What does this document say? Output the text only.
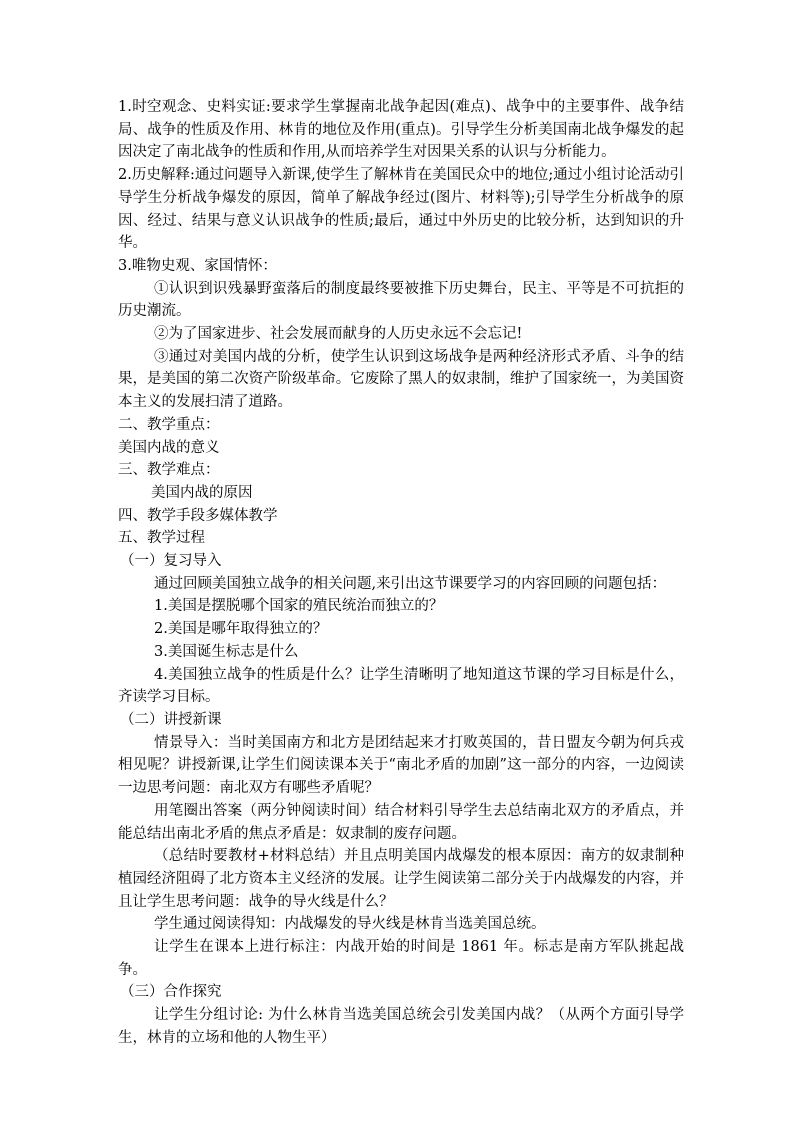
1.时空观念、史料实证:要求学生掌握南北战争起因(难点)、战争中的主要事件、战争结局、战争的性质及作用、林肯的地位及作用(重点)。引导学生分析美国南北战争爆发的起因决定了南北战争的性质和作用,从而培养学生对因果关系的认识与分析能力。

2.历史解释:通过问题导入新课,使学生了解林肯在美国民众中的地位;通过小组讨论活动引导学生分析战争爆发的原因，简单了解战争经过(图片、材料等);引导学生分析战争的原因、经过、结果与意义认识战争的性质;最后，通过中外历史的比较分析，达到知识的升华。

3.唯物史观、家国情怀：

①认识到识残暴野蛮落后的制度最终要被推下历史舞台，民主、平等是不可抗拒的历史潮流。

②为了国家进步、社会发展而献身的人历史永远不会忘记!

③通过对美国内战的分析，使学生认识到这场战争是两种经济形式矛盾、斗争的结果，是美国的第二次资产阶级革命。它废除了黑人的奴隶制，维护了国家统一，为美国资本主义的发展扫清了道路。

二、教学重点：

美国内战的意义

三、教学难点：

美国内战的原因

四、教学手段多媒体教学

五、教学过程

（一）复习导入

通过回顾美国独立战争的相关问题,来引出这节课要学习的内容回顾的问题包括：

1.美国是摆脱哪个国家的殖民统治而独立的？

2.美国是哪年取得独立的？

3.美国诞生标志是什么

4.美国独立战争的性质是什么？让学生清晰明了地知道这节课的学习目标是什么，齐读学习目标。

（二）讲授新课

情景导入：当时美国南方和北方是团结起来才打败英国的，昔日盟友今朝为何兵戎相见呢？讲授新课,让学生们阅读课本关于“南北矛盾的加剧”这一部分的内容，一边阅读一边思考问题：南北双方有哪些矛盾呢？

用笔圈出答案（两分钟阅读时间）结合材料引导学生去总结南北双方的矛盾点，并能总结出南北矛盾的焦点矛盾是：奴隶制的废存问题。

（总结时要教材+材料总结）并且点明美国内战爆发的根本原因：南方的奴隶制种植园经济阻碍了北方资本主义经济的发展。让学生阅读第二部分关于内战爆发的内容，并且让学生思考问题：战争的导火线是什么？

学生通过阅读得知：内战爆发的导火线是林肯当选美国总统。

让学生在课本上进行标注：内战开始的时间是 1861 年。标志是南方军队挑起战争。

（三）合作探究

让学生分组讨论: 为什么林肯当选美国总统会引发美国内战？（从两个方面引导学生，林肯的立场和他的人物生平）
